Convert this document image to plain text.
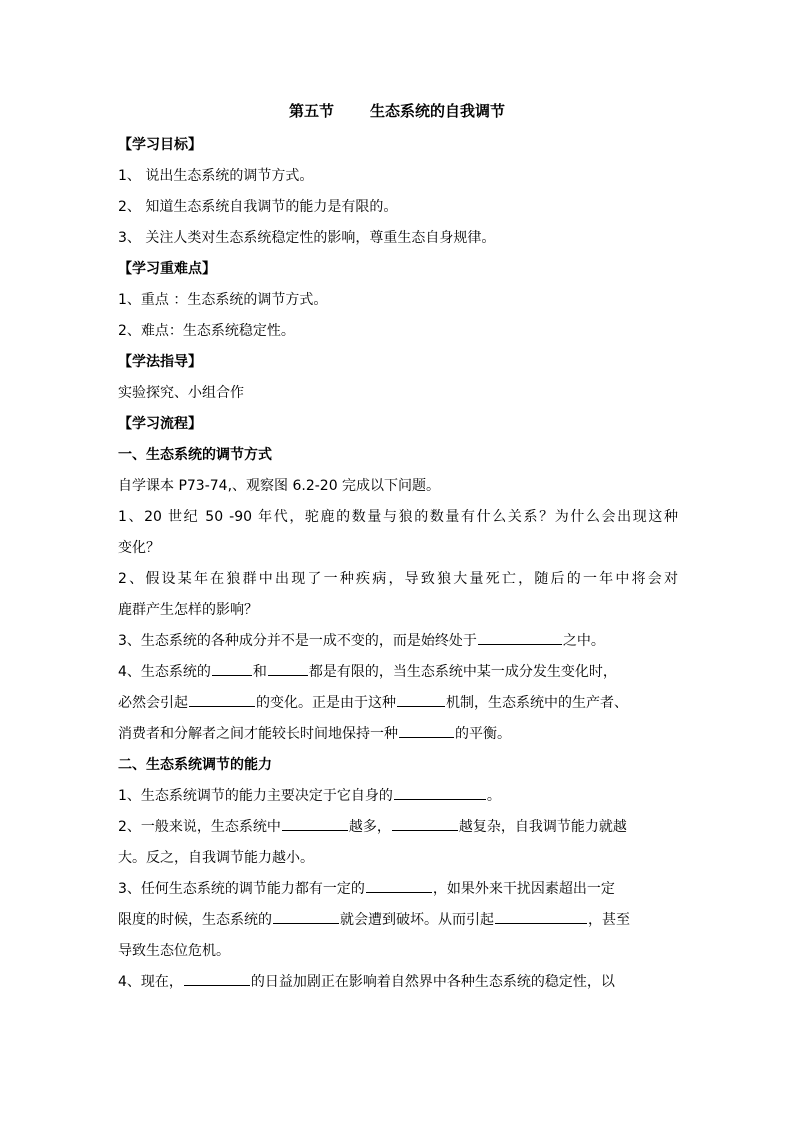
第五节 生态系统的自我调节
【学习目标】
1、 说出生态系统的调节方式。
2、 知道生态系统自我调节的能力是有限的。
3、 关注人类对生态系统稳定性的影响，尊重生态自身规律。
【学习重难点】
1、重点 ：生态系统的调节方式。
2、难点：生态系统稳定性。
【学法指导】
实验探究、小组合作
【学习流程】
一、生态系统的调节方式
自学课本 P73-74,、观察图 6.2-20 完成以下问题。
1、20 世纪 50 -90 年代，驼鹿的数量与狼的数量有什么关系？为什么会出现这种
变化？
2、假设某年在狼群中出现了一种疾病，导致狼大量死亡，随后的一年中将会对
鹿群产生怎样的影响？
3、生态系统的各种成分并不是一成不变的，而是始终处于	之中。
4、生态系统的	和	都是有限的，当生态系统中某一成分发生变化时，
必然会引起	的变化。正是由于这种	机制，生态系统中的生产者、
消费者和分解者之间才能较长时间地保持一种	的平衡。
二、生态系统调节的能力
1、生态系统调节的能力主要决定于它自身的	。
2、一般来说，生态系统中	越多，	越复杂，自我调节能力就越
大。反之，自我调节能力越小。
3、任何生态系统的调节能力都有一定的	，如果外来干扰因素超出一定
限度的时候，生态系统的	就会遭到破坏。从而引起	，甚至
导致生态位危机。
4、现在，	的日益加剧正在影响着自然界中各种生态系统的稳定性，以
